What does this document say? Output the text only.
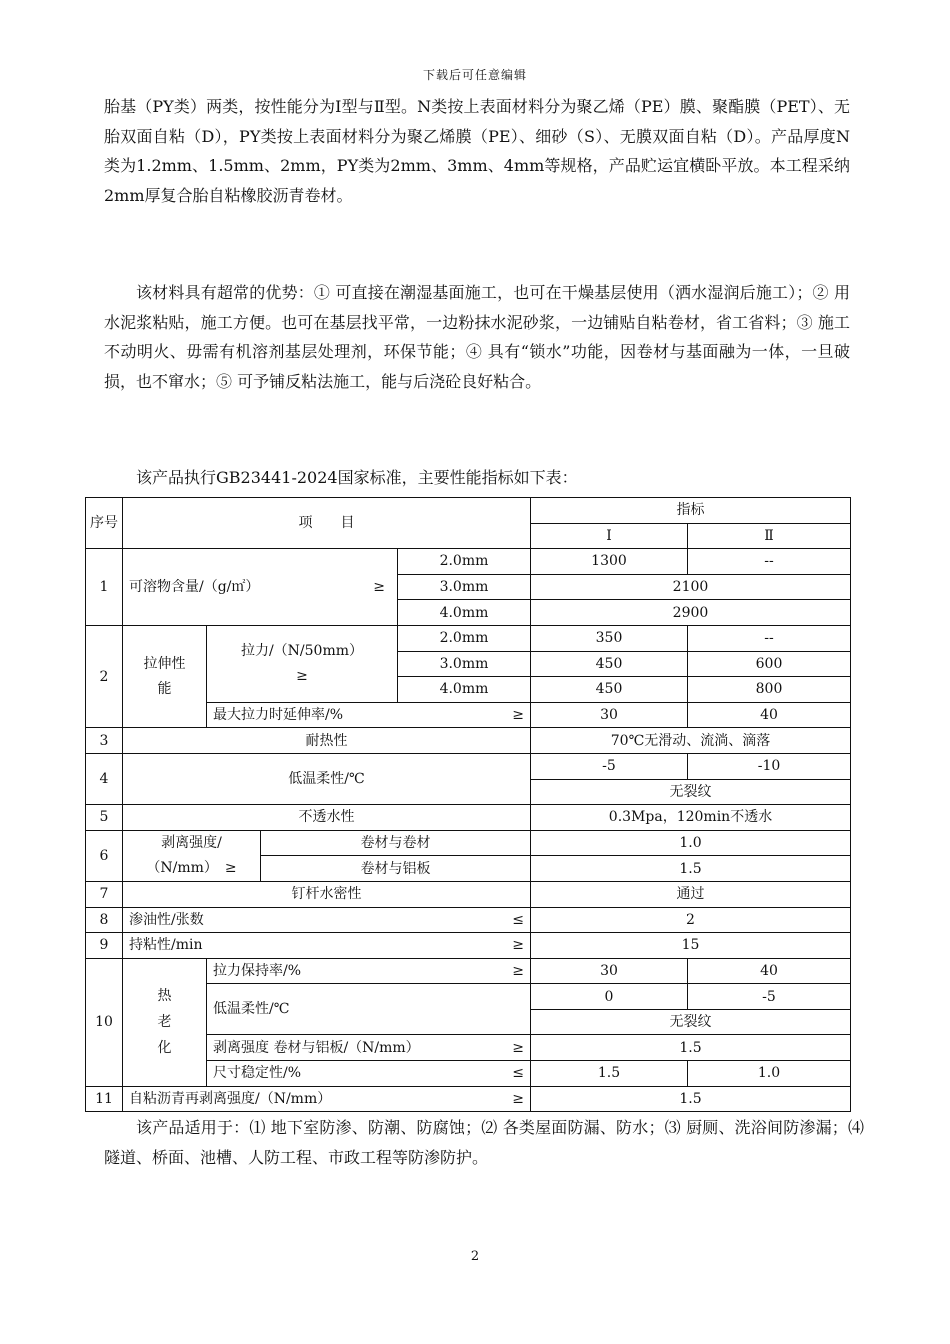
下载后可任意编辑

胎基（PY类）两类，按性能分为Ⅰ型与Ⅱ型。N类按上表面材料分为聚乙烯（PE）膜、聚酯膜（PET）、无胎双面自粘（D），PY类按上表面材料分为聚乙烯膜（PE）、细砂（S）、无膜双面自粘（D）。产品厚度N类为1.2mm、1.5mm、2mm，PY类为2mm、3mm、4mm等规格，产品贮运宜横卧平放。本工程采纳2mm厚复合胎自粘橡胶沥青卷材。

该材料具有超常的优势：① 可直接在潮湿基面施工，也可在干燥基层使用（洒水湿润后施工）；② 用水泥浆粘贴，施工方便。也可在基层找平常，一边粉抹水泥砂浆，一边铺贴自粘卷材，省工省料；③ 施工不动明火、毋需有机溶剂基层处理剂，环保节能；④ 具有“锁水”功能，因卷材与基面融为一体，一旦破损，也不窜水；⑤ 可予铺反粘法施工，能与后浇砼良好粘合。

该产品执行GB23441-2024国家标准，主要性能指标如下表：

序号	项　　目				指标	
					Ⅰ	Ⅱ
1	可溶物含量/（g/㎡） ≥			2.0mm	1300	--
				3.0mm	2100	
				4.0mm	2900	
2	拉伸性能	拉力/（N/50mm）
≥		2.0mm	350	--
				3.0mm	450	600
				4.0mm	450	800

		最大拉力时延伸率/% ≥			30	40
3	耐热性				70℃无滑动、流淌、滴落	
4	低温柔性/℃				-5	-10
					无裂纹	
5	不透水性				0.3Mpa，120min不透水	
6	剥离强度/（N/mm）　≥		卷材与卷材		1.0	
			卷材与铝板		1.5	
7	钉杆水密性				通过	
8	渗油性/张数 ≤				2	
9	持粘性/min ≥				15	
10	热老化	拉力保持率/% ≥			30	40
		低温柔性/℃			0	-5
					无裂纹	

		剥离强度 卷材与铝板/（N/mm） ≥			1.5	

		尺寸稳定性/% ≤			1.5	1.0
11	自粘沥青再剥离强度/（N/mm） ≥				1.5	

该产品适用于：⑴ 地下室防渗、防潮、防腐蚀；⑵ 各类屋面防漏、防水；⑶ 厨厕、洗浴间防渗漏；⑷ 隧道、桥面、池槽、人防工程、市政工程等防渗防护。

2
